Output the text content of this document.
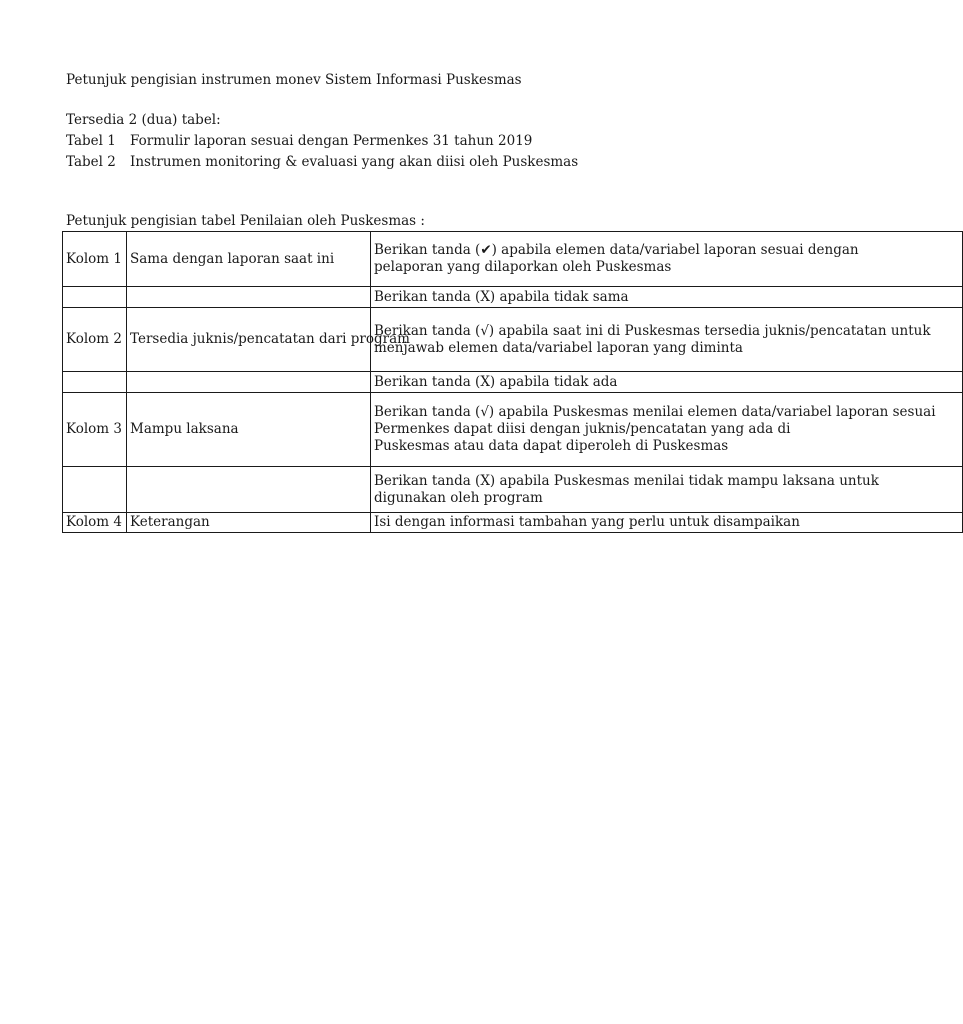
Petunjuk pengisian instrumen monev Sistem Informasi Puskesmas
Tersedia 2 (dua) tabel:
Tabel 1 Formulir laporan sesuai dengan Permenkes 31 tahun 2019
Tabel 2 Instrumen monitoring & evaluasi yang akan diisi oleh Puskesmas
Petunjuk pengisian tabel Penilaian oleh Puskesmas :
Kolom 1	Sama dengan laporan saat ini	Berikan tanda (✔) apabila elemen data/variabel laporan sesuai dengan
pelaporan yang dilaporkan oleh Puskesmas

		Berikan tanda (X) apabila tidak sama

Kolom 2	Tersedia juknis/pencatatan dari program	Berikan tanda (√) apabila saat ini di Puskesmas tersedia juknis/pencatatan untuk
menjawab elemen data/variabel laporan yang diminta

		Berikan tanda (X) apabila tidak ada

Kolom 3	Mampu laksana	Berikan tanda (√) apabila Puskesmas menilai elemen data/variabel laporan sesuai
Permenkes dapat diisi dengan juknis/pencatatan yang ada di
Puskesmas atau data dapat diperoleh di Puskesmas

		Berikan tanda (X) apabila Puskesmas menilai tidak mampu laksana untuk
digunakan oleh program

Kolom 4	Keterangan	Isi dengan informasi tambahan yang perlu untuk disampaikan
